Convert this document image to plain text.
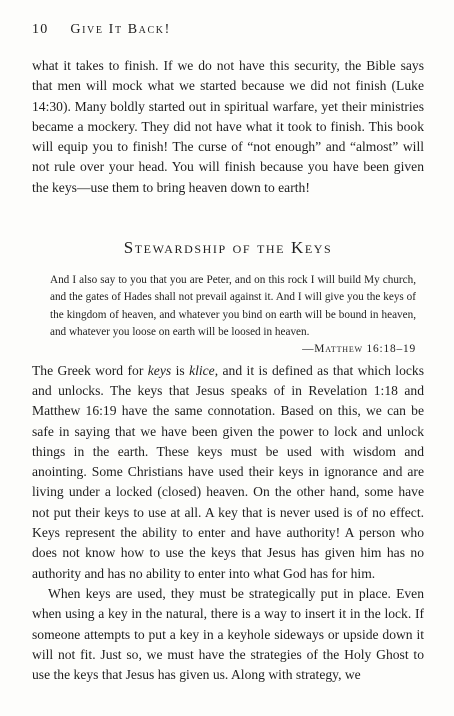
10 Give It Back!

what it takes to finish. If we do not have this security, the Bible says that men will mock what we started because we did not finish (Luke 14:30). Many boldly started out in spiritual warfare, yet their ministries became a mockery. They did not have what it took to finish. This book will equip you to finish! The curse of “not enough” and “almost” will not rule over your head. You will finish because you have been given the keys—use them to bring heaven down to earth!

Stewardship of the Keys

And I also say to you that you are Peter, and on this rock I will build My church, and the gates of Hades shall not prevail against it. And I will give you the keys of the kingdom of heaven, and whatever you bind on earth will be bound in heaven, and whatever you loose on earth will be loosed in heaven.

—Matthew 16:18–19

The Greek word for keys is klice, and it is defined as that which locks and unlocks. The keys that Jesus speaks of in Revelation 1:18 and Matthew 16:19 have the same connotation. Based on this, we can be safe in saying that we have been given the power to lock and unlock things in the earth. These keys must be used with wisdom and anointing. Some Christians have used their keys in ignorance and are living under a locked (closed) heaven. On the other hand, some have not put their keys to use at all. A key that is never used is of no effect. Keys represent the ability to enter and have authority! A person who does not know how to use the keys that Jesus has given him has no authority and has no ability to enter into what God has for him.

When keys are used, they must be strategically put in place. Even when using a key in the natural, there is a way to insert it in the lock. If someone attempts to put a key in a keyhole sideways or upside down it will not fit. Just so, we must have the strategies of the Holy Ghost to use the keys that Jesus has given us. Along with strategy, we
